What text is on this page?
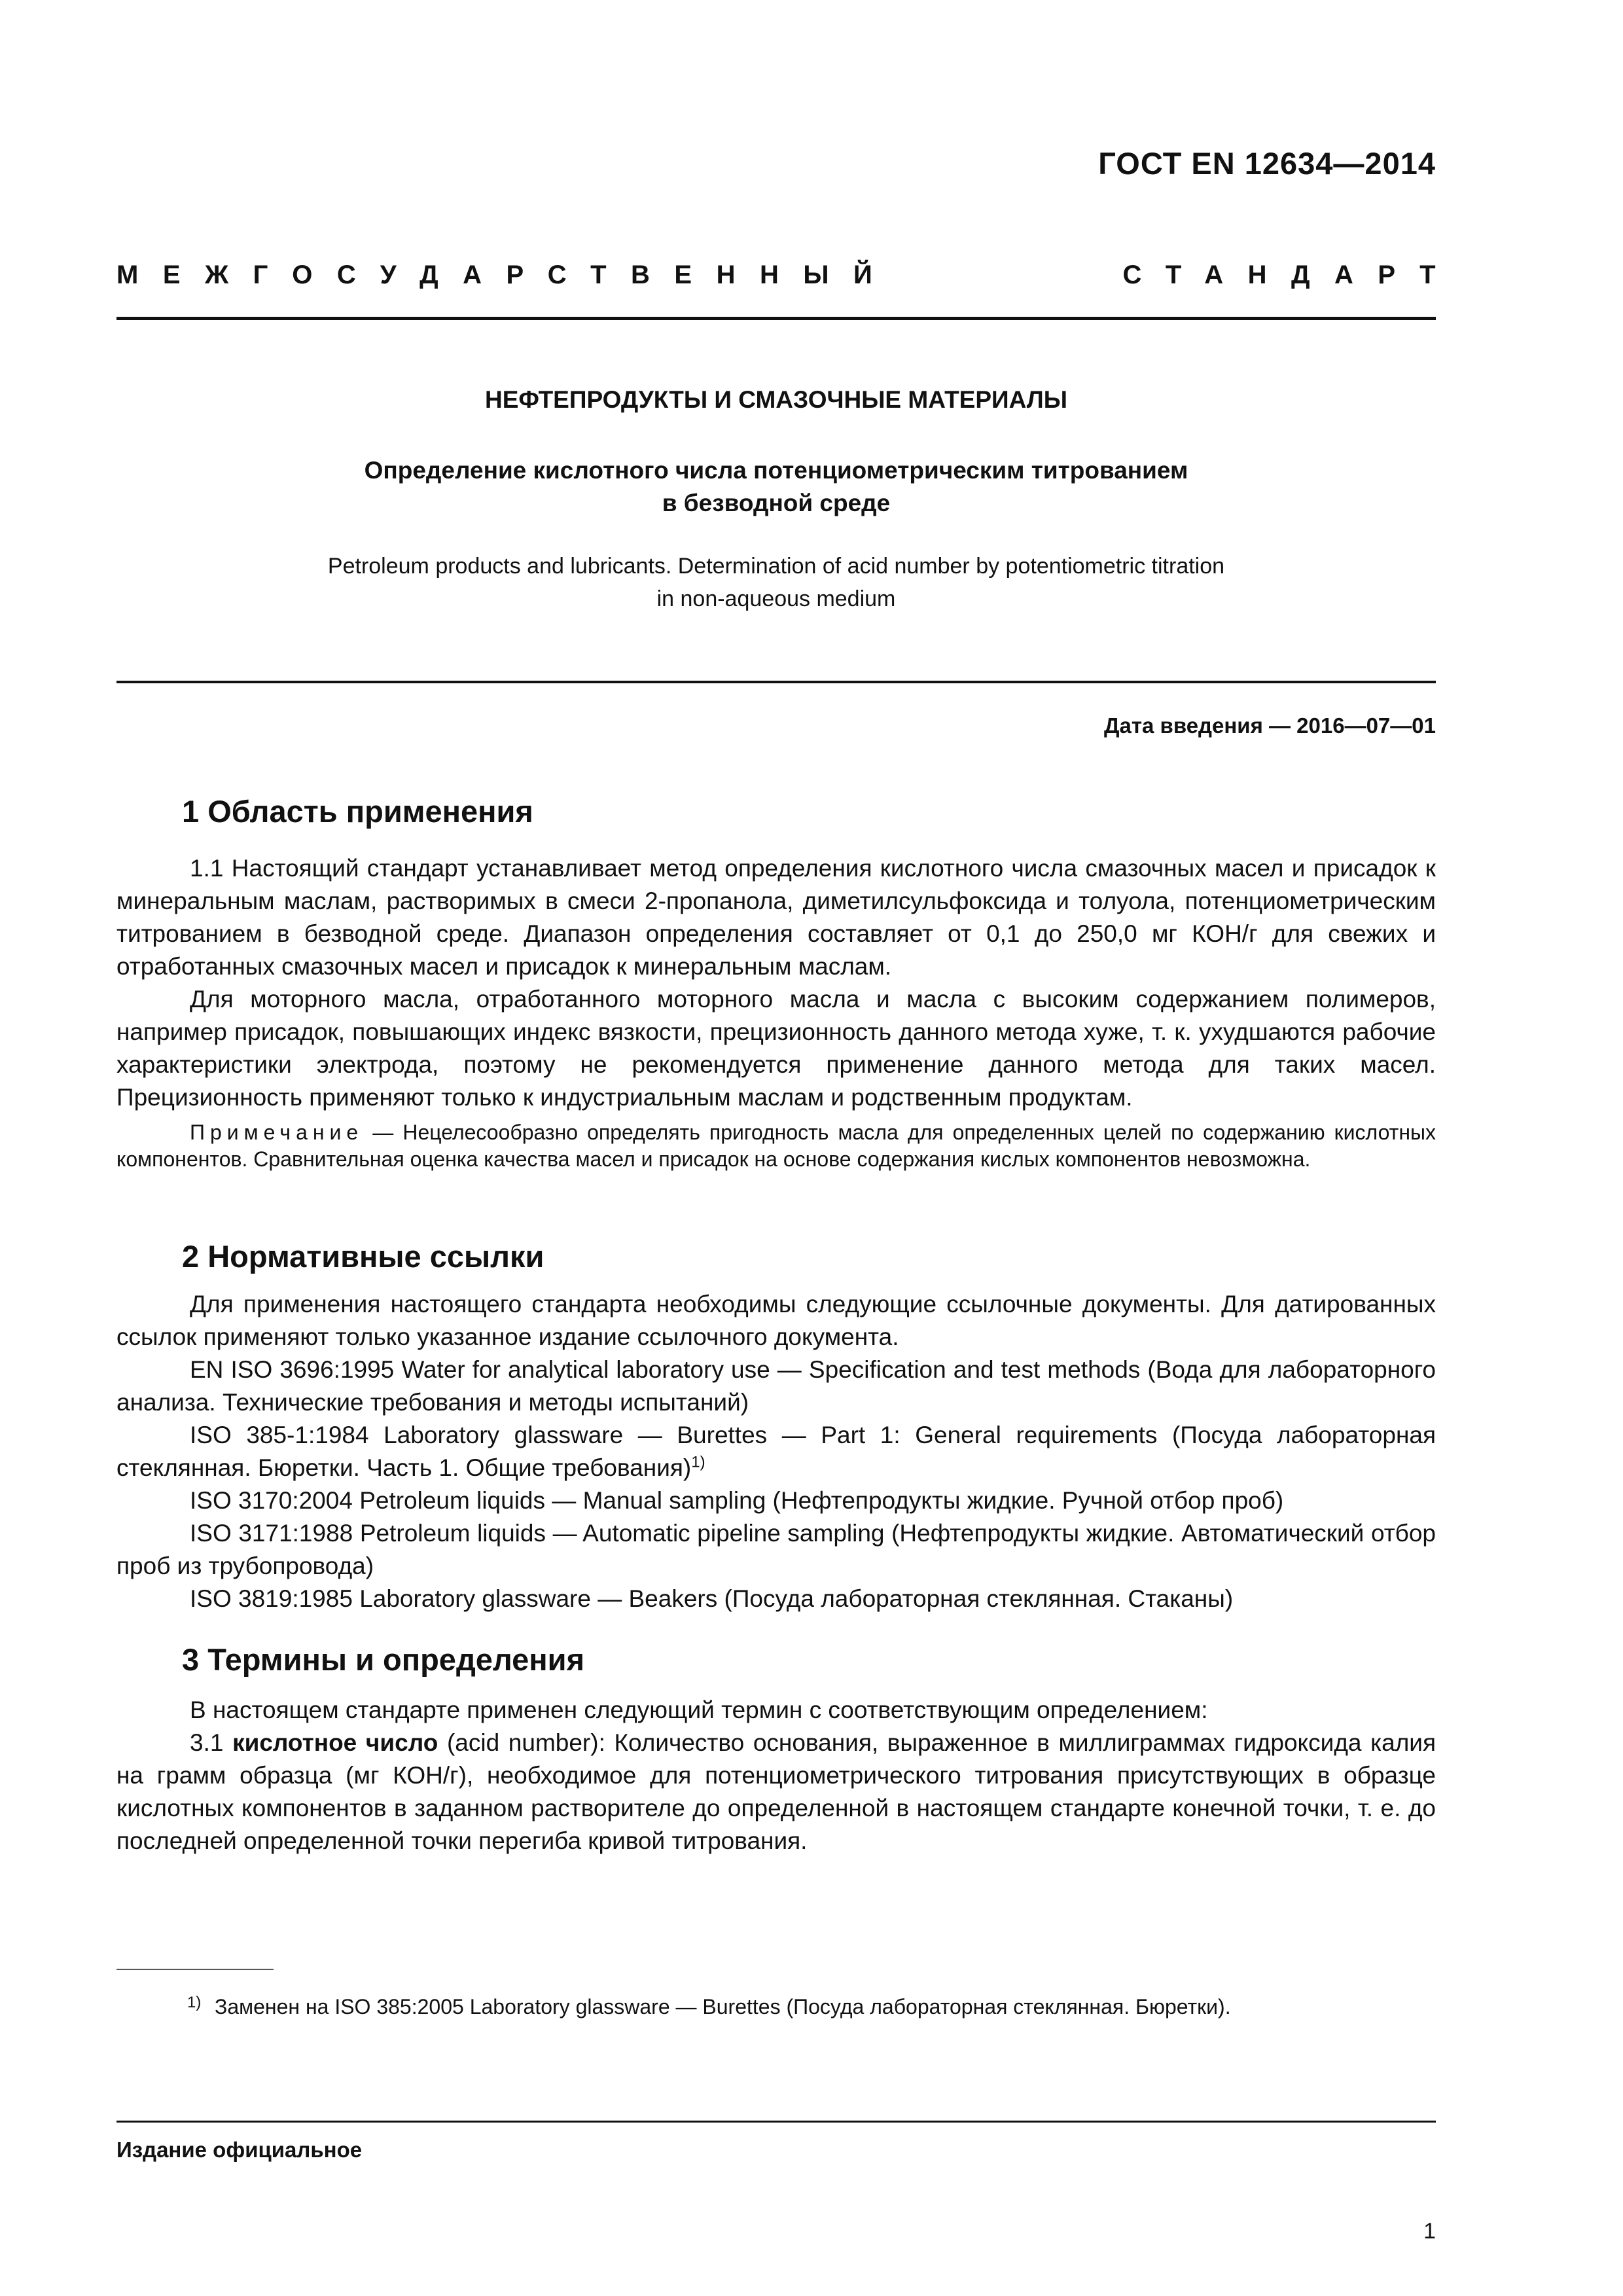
ГОСТ EN 12634—2014
МЕЖГОСУДАРСТВЕННЫЙ	СТАНДАРТ
НЕФТЕПРОДУКТЫ И СМАЗОЧНЫЕ МАТЕРИАЛЫ
Определение кислотного числа потенциометрическим титрованием
в безводной среде
Petroleum products and lubricants. Determination of acid number by potentiometric titration
in non-aqueous medium
Дата введения — 2016—07—01
1 Область применения

1.1 Настоящий стандарт устанавливает метод определения кислотного числа смазочных масел и присадок к минеральным маслам, растворимых в смеси 2-пропанола, диметилсульфоксида и толуола, потенциометрическим титрованием в безводной среде. Диапазон определения составляет от 0,1 до 250,0 мг КОН/г для свежих и отработанных смазочных масел и присадок к минеральным маслам.

Для моторного масла, отработанного моторного масла и масла с высоким содержанием полимеров, например присадок, повышающих индекс вязкости, прецизионность данного метода хуже, т. к. ухудшаются рабочие характеристики электрода, поэтому не рекомендуется применение данного метода для таких масел. Прецизионность применяют только к индустриальным маслам и родственным продуктам.

Примечание — Нецелесообразно определять пригодность масла для определенных целей по содержанию кислотных компонентов. Сравнительная оценка качества масел и присадок на основе содержания кислых компонентов невозможна.

2 Нормативные ссылки

Для применения настоящего стандарта необходимы следующие ссылочные документы. Для датированных ссылок применяют только указанное издание ссылочного документа.

EN ISO 3696:1995 Water for analytical laboratory use — Specification and test methods (Вода для лабораторного анализа. Технические требования и методы испытаний)

ISO 385-1:1984 Laboratory glassware — Burettes — Part 1: General requirements (Посуда лабораторная стеклянная. Бюретки. Часть 1. Общие требования)$^{1)}$

ISO 3170:2004 Petroleum liquids — Manual sampling (Нефтепродукты жидкие. Ручной отбор проб)

ISO 3171:1988 Petroleum liquids — Automatic pipeline sampling (Нефтепродукты жидкие. Автоматический отбор проб из трубопровода)

ISO 3819:1985 Laboratory glassware — Beakers (Посуда лабораторная стеклянная. Стаканы)

3 Термины и определения

В настоящем стандарте применен следующий термин с соответствующим определением:

3.1 кислотное число (acid number): Количество основания, выраженное в миллиграммах гидроксида калия на грамм образца (мг КОН/г), необходимое для потенциометрического титрования присутствующих в образце кислотных компонентов в заданном растворителе до определенной в настоящем стандарте конечной точки, т. е. до последней определенной точки перегиба кривой титрования.

1) Заменен на ISO 385:2005 Laboratory glassware — Burettes (Посуда лабораторная стеклянная. Бюретки).
Издание официальное
1
